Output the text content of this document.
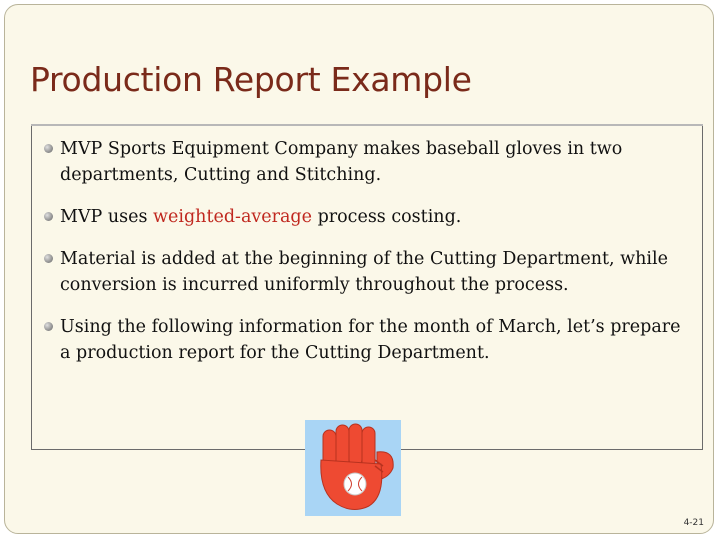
Production Report Example
MVP Sports Equipment Company makes baseball gloves in two departments, Cutting and Stitching.
MVP uses weighted-average process costing.
Material is added at the beginning of the Cutting Department, while conversion is incurred uniformly throughout the process.
Using the following information for the month of March, let’s prepare a production report for the Cutting Department.
4-21
